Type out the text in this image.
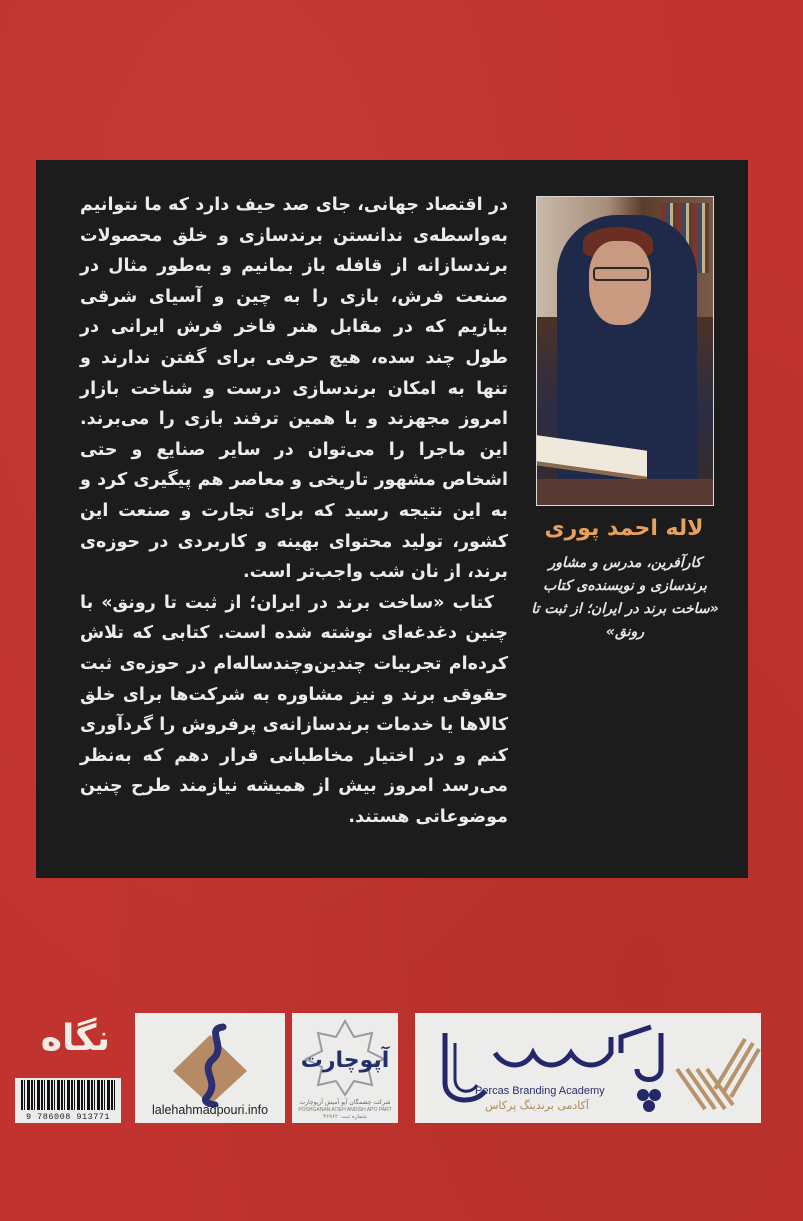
در اقتصاد جهانی، جای صد حیف دارد که ما نتوانیم به‌واسطه‌ی ندانستن برندسازی و خلق محصولات برندسازانه از قافله باز بمانیم و به‌طور مثال در صنعت فرش، بازی را به چین و آسیای شرقی ببازیم که در مقابل هنر فاخر فرش ایرانی در طول چند سده، هیچ حرفی برای گفتن ندارند و تنها به امکان برندسازی درست و شناخت بازار امروز مجهزند و با همین ترفند بازی را می‌برند. این ماجرا را می‌توان در سایر صنایع و حتی اشخاص مشهور تاریخی و معاصر هم پیگیری کرد و به این نتیجه رسید که برای تجارت و صنعت این کشور، تولید محتوای بهینه و کاربردی در حوزه‌ی برند، از نان شب واجب‌تر است.

کتاب «ساخت برند در ایران؛ از ثبت تا رونق» با چنین دغدغه‌ای نوشته شده است. کتابی که تلاش کرده‌ام تجربیات چندین‌وچندساله‌ام در حوزه‌ی ثبت حقوقی برند و نیز مشاوره به شرکت‌ها برای خلق کالاها یا خدمات برندسازانه‌ی پرفروش را گردآوری کنم و در اختیار مخاطبانی قرار دهم که به‌نظر می‌رسد امروز بیش از همیشه نیازمند طرح چنین موضوعاتی هستند.

لاله احمد پوری
کارآفرین، مدرس و مشاور برندسازی و نویسنده‌ی کتاب «ساخت برند در ایران؛ از ثبت تا رونق»
نگاه
9 786008 913771	lalehahmadpouri.info
آپوچارت
شرکت چشمگان آپو آمیش آرپوچارت
POSHGANAN ATIEH ANDISH APO PART
شماره ثبت: ۳۶۹۶۲
Percas Branding Academy
آکادمی برندینگ پرکاس
